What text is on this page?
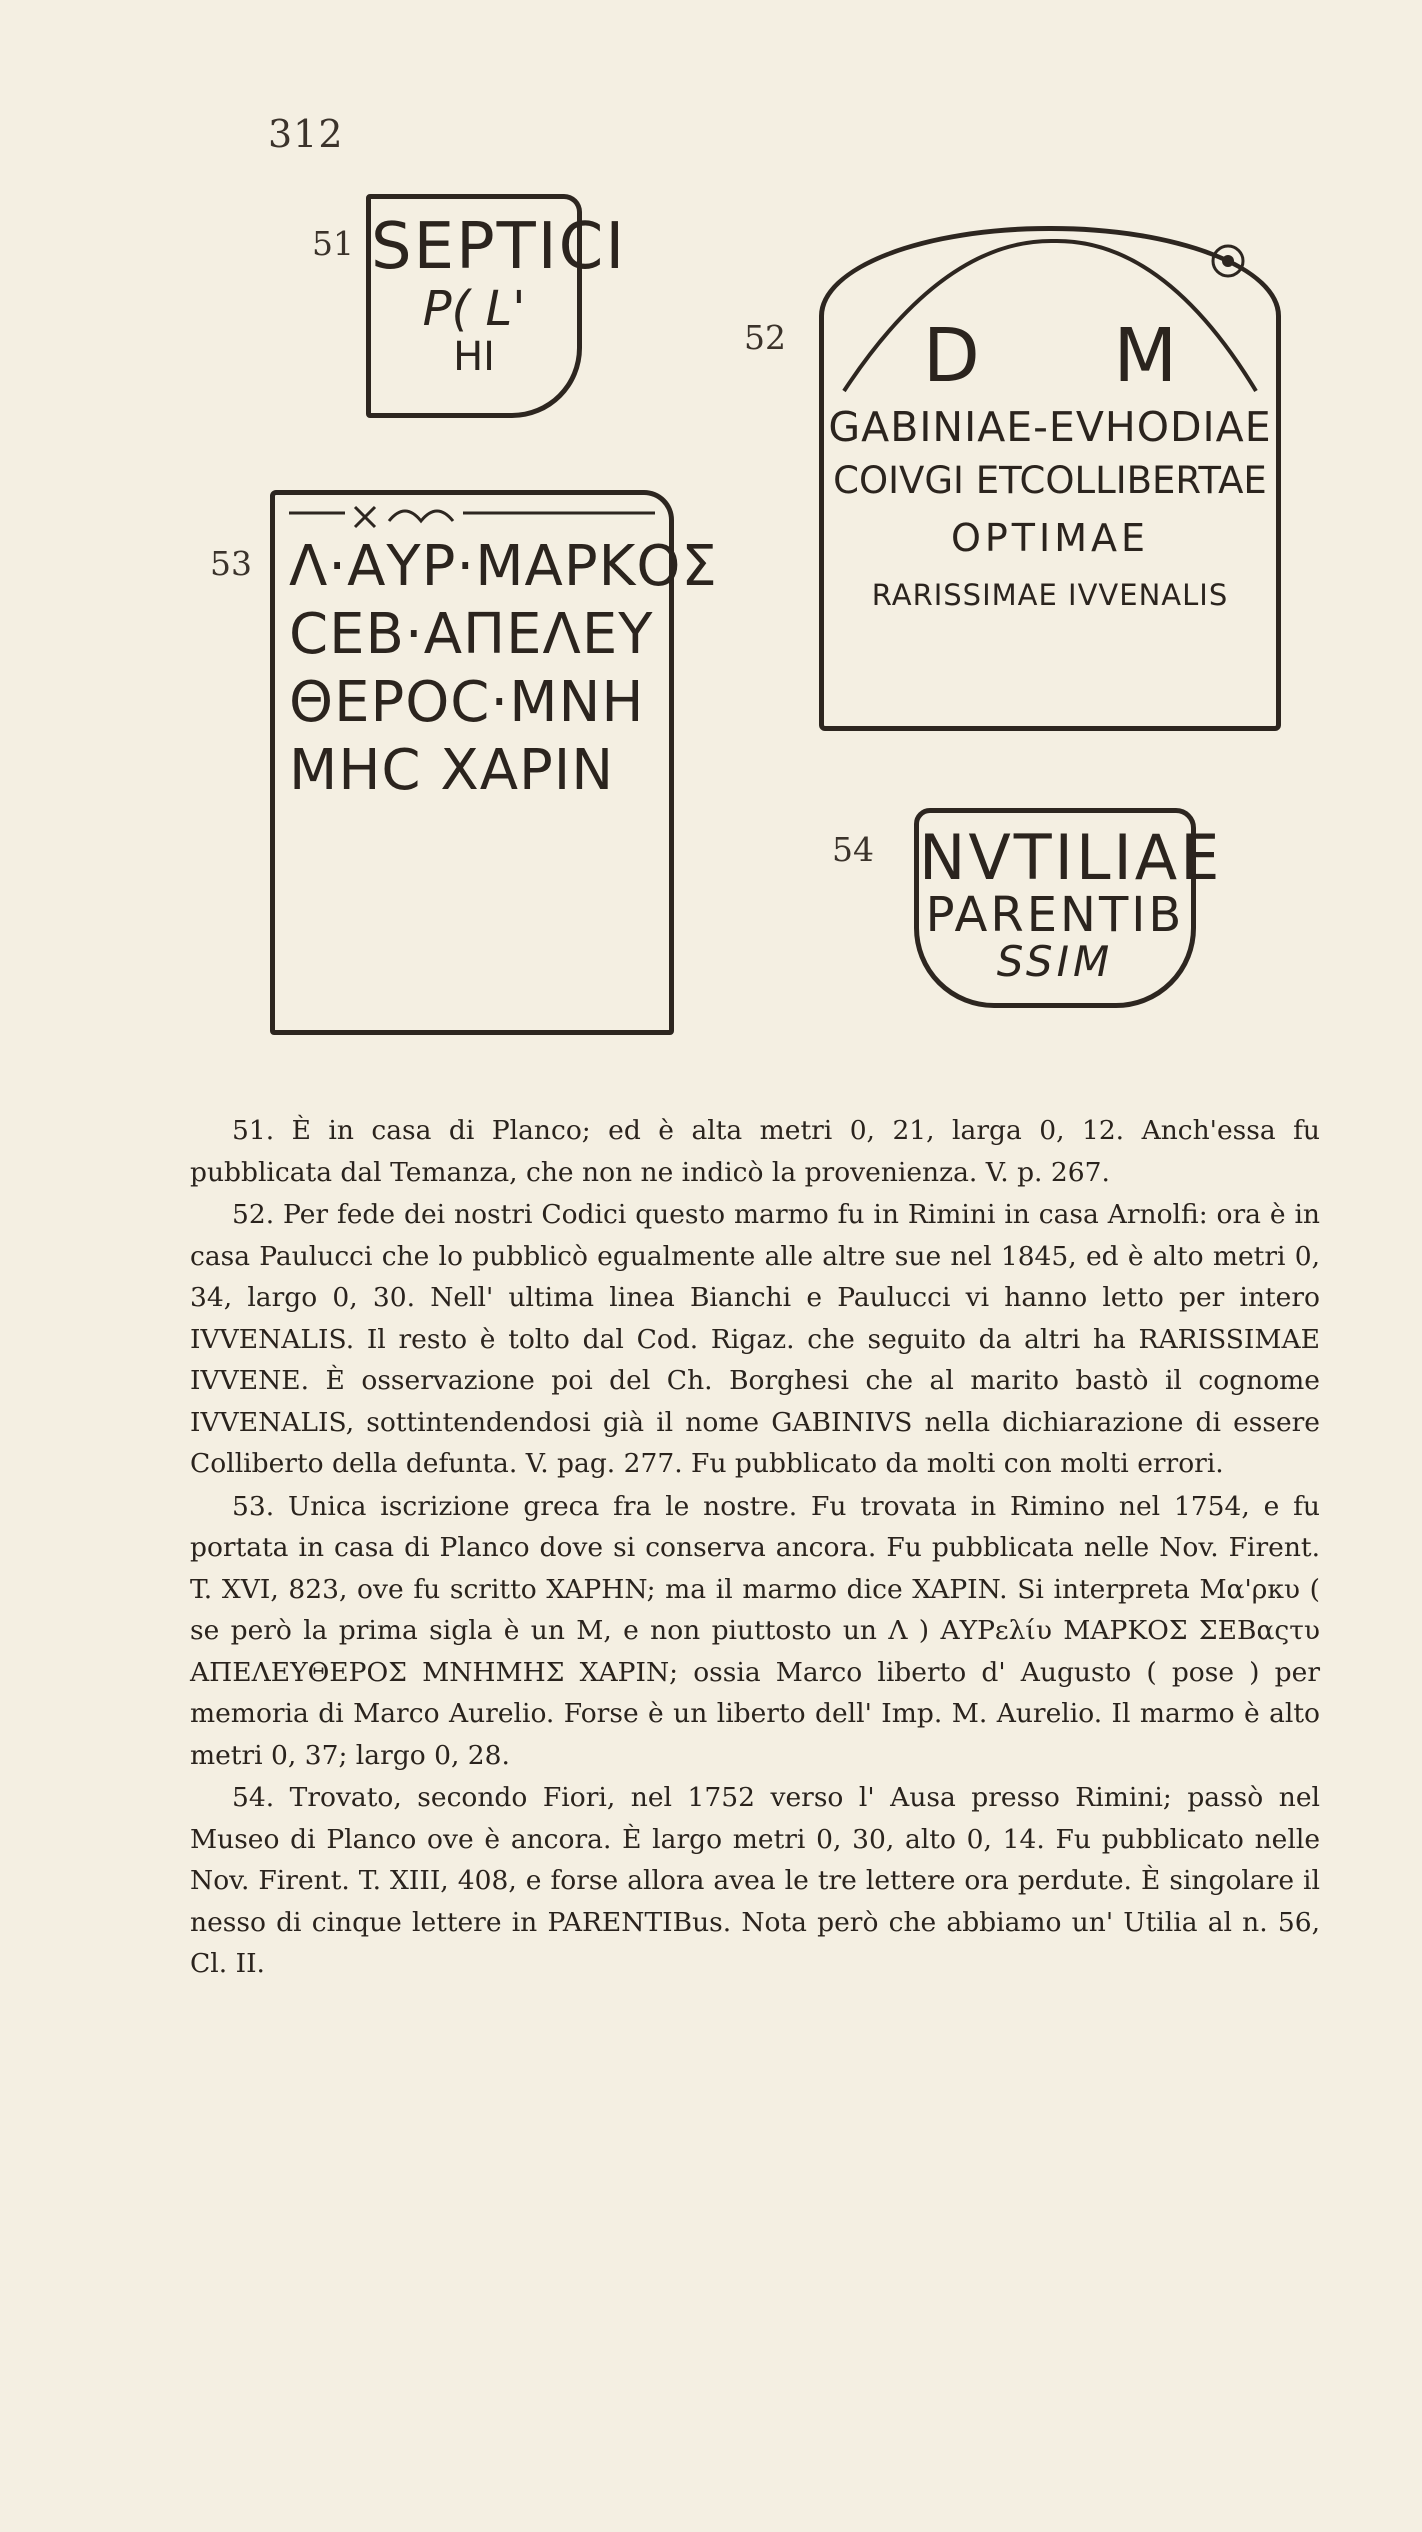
312
51
52
53
54
SEPTICI
P( L'
HI	D M
GABINIAE-EVHODIAE
COIVGI ETCOLLIBERTAE
OPTIMAE
RARISSIMAE IVVENALIS
Λ·ΑΥΡ·ΜΑΡΚΟΣ
CEB·ΑΠΕΛΕΥ
ΘΕΡΟC·ΜΝΗ
ΜΗC ΧΑΡΙΝ
NVTILIAE
PARENTIB
SSIM

51. È in casa di Planco; ed è alta metri 0, 21, larga 0, 12. Anch'essa fu pubblicata dal Temanza, che non ne indicò la provenienza. V. p. 267.

52. Per fede dei nostri Codici questo marmo fu in Rimini in casa Arnolfi: ora è in casa Paulucci che lo pubblicò egualmente alle altre sue nel 1845, ed è alto metri 0, 34, largo 0, 30. Nell' ultima linea Bianchi e Paulucci vi hanno letto per intero IVVENALIS. Il resto è tolto dal Cod. Rigaz. che seguito da altri ha RARISSIMAE IVVENE. È osservazione poi del Ch. Borghesi che al marito bastò il cognome IVVENALIS, sottintendendosi già il nome GABINIVS nella dichiarazione di essere Colliberto della defunta. V. pag. 277. Fu pubblicato da molti con molti errori.

53. Unica iscrizione greca fra le nostre. Fu trovata in Rimino nel 1754, e fu portata in casa di Planco dove si conserva ancora. Fu pubblicata nelle Nov. Firent. T. XVI, 823, ove fu scritto XAPHN; ma il marmo dice XAPIN. Si interpreta Μα'ρκυ ( se però la prima sigla è un M, e non piuttosto un Λ ) ΑΥΡελίυ ΜΑΡΚΟΣ ΣΕΒαςτυ ΑΠΕΛΕΥΘΕΡΟΣ ΜΝΗΜΗΣ ΧΑΡΙΝ; ossia Marco liberto d' Augusto ( pose ) per memoria di Marco Aurelio. Forse è un liberto dell' Imp. M. Aurelio. Il marmo è alto metri 0, 37; largo 0, 28.

54. Trovato, secondo Fiori, nel 1752 verso l' Ausa presso Rimini; passò nel Museo di Planco ove è ancora. È largo metri 0, 30, alto 0, 14. Fu pubblicato nelle Nov. Firent. T. XIII, 408, e forse allora avea le tre lettere ora perdute. È singolare il nesso di cinque lettere in PARENTIBus. Nota però che abbiamo un' Utilia al n. 56, Cl. II.
